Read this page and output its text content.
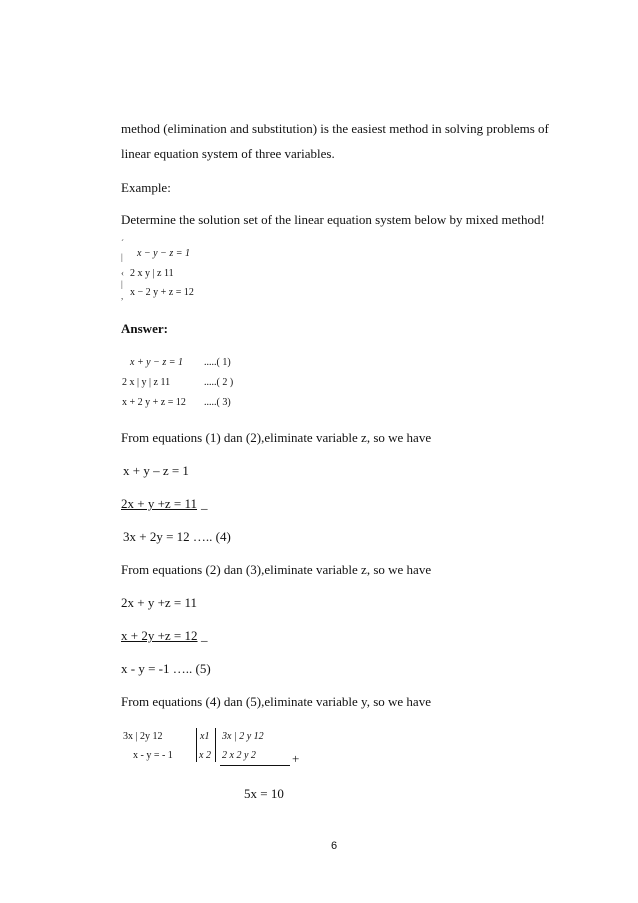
method (elimination and substitution) is the easiest method in solving problems of
linear equation system of three variables.
Example:
Determine the solution set of the linear equation system below by mixed method!
´
|
‹
|
,
x − y − z = 1
2 x y | z 11
x − 2 y + z = 12
Answer:
x + y − z = 1 .....( 1)
2 x | y | z 11	.....( 2 )
x + 2 y + z = 12 .....( 3)
From equations (1) dan (2),eliminate variable z, so we have
x + y – z = 1
2x + y +z = 11 _
3x + 2y = 12 ….. (4)
From equations (2) dan (3),eliminate variable z, so we have
2x + y +z = 11
x + 2y +z = 12 _
x - y = -1 ….. (5)
From equations (4) dan (5),eliminate variable y, so we have
3x | 2y 12
x - y = - 1
x1
x 2
3x | 2 y 12
2 x 2 y 2	+
5x = 10
6
